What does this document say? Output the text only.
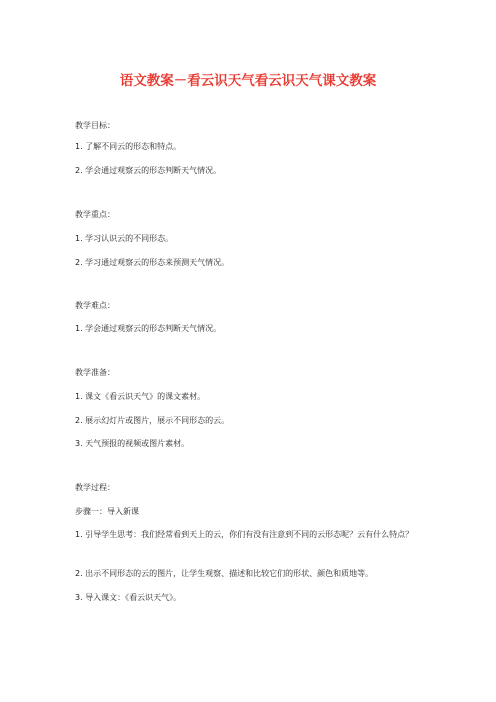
语文教案－看云识天气看云识天气课文教案
教学目标：
1. 了解不同云的形态和特点。
2. 学会通过观察云的形态判断天气情况。
教学重点：
1. 学习认识云的不同形态。
2. 学习通过观察云的形态来预测天气情况。
教学难点：
1. 学会通过观察云的形态判断天气情况。
教学准备：
1. 课文《看云识天气》的课文素材。
2. 展示幻灯片或图片，展示不同形态的云。
3. 天气预报的视频或图片素材。
教学过程：
步骤一：导入新课
1. 引导学生思考：我们经常看到天上的云，你们有没有注意到不同的云形态呢？云有什么特点？
2. 出示不同形态的云的图片，让学生观察、描述和比较它们的形状、颜色和质地等。
3. 导入课文：《看云识天气》。
